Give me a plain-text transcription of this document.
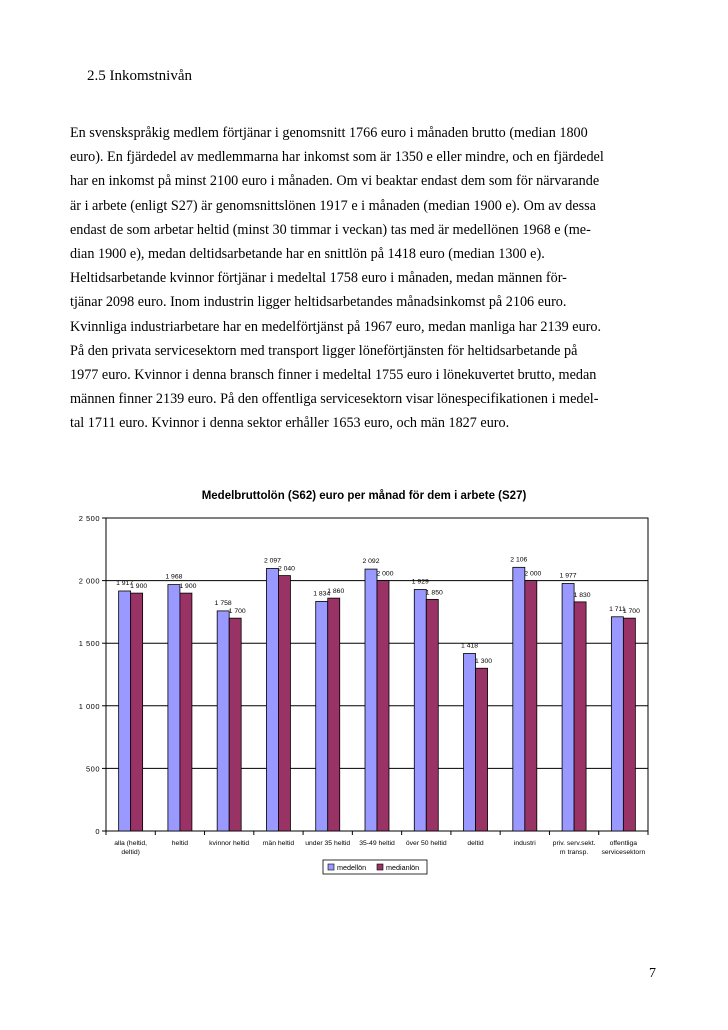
2.5 Inkomstnivån
En svenskspråkig medlem förtjänar i genomsnitt 1766 euro i månaden brutto (median 1800
euro). En fjärdedel av medlemmarna har inkomst som är 1350 e eller mindre, och en fjärdedel
har en inkomst på minst 2100 euro i månaden. Om vi beaktar endast dem som för närvarande
är i arbete (enligt S27) är genomsnittslönen 1917 e i månaden (median 1900 e). Om av dessa
endast de som arbetar heltid (minst 30 timmar i veckan) tas med är medellönen 1968 e (me-
dian 1900 e), medan deltidsarbetande har en snittlön på 1418 euro (median 1300 e).
Heltidsarbetande kvinnor förtjänar i medeltal 1758 euro i månaden, medan männen för-
tjänar 2098 euro. Inom industrin ligger heltidsarbetandes månadsinkomst på 2106 euro.
Kvinnliga industriarbetare har en medelförtjänst på 1967 euro, medan manliga har 2139 euro.
På den privata servicesektorn med transport ligger löneförtjänsten för heltidsarbetande på
1977 euro. Kvinnor i denna bransch finner i medeltal 1755 euro i lönekuvertet brutto, medan
männen finner 2139 euro. På den offentliga servicesektorn visar lönespecifikationen i medel-
tal 1711 euro. Kvinnor i denna sektor erhåller 1653 euro, och män 1827 euro.
Medelbruttolön (S62) euro per månad för dem i arbete (S27)
0
500
1 000
1 500
2 000
2 500
1 917
1 900
alla (heltid,
deltid)
1 968
1 900
heltid
1 758
1 700
kvinnor heltid
2 097
2 040
män heltid
1 834
1 860
under 35 heltid
2 092
2 000
35-49 heltid
1 929
1 850
över 50 heltid
1 418
1 300
deltid
2 106
2 000
industri
1 977
1 830
priv. serv.sekt.
m transp.
1 711
1 700
offentliga
servicesektorn
medellön	medianlön
7
